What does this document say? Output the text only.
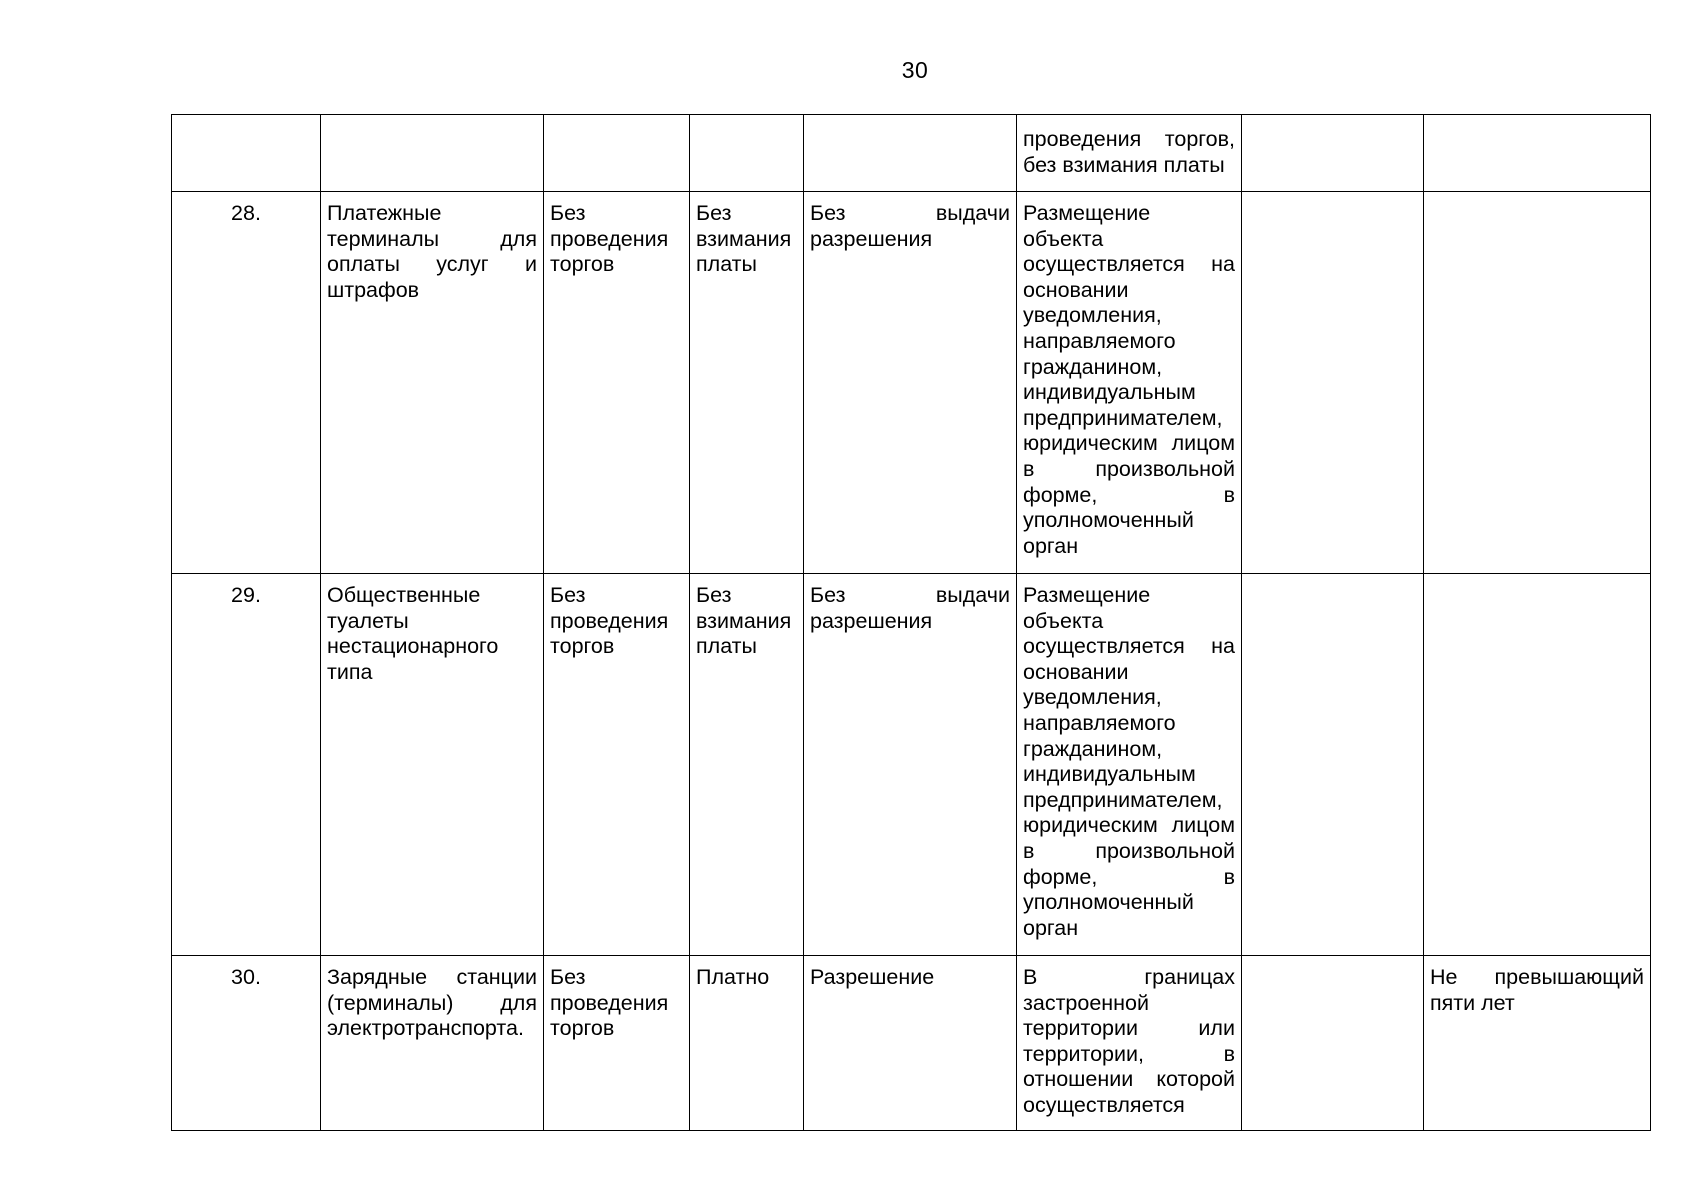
30
					проведения торгов, без взимания платы		
28.	Платежные терминалы для оплаты услуг и штрафов	Без проведения торгов	Без взимания платы	Без выдачи разрешения	Размещение объекта осуществляется на основании уведомления, направляемого гражданином, индивидуальным предпринимателем, юридическим лицом в произвольной форме, в уполномоченный орган		
29.	Общественные туалеты нестационарного типа	Без проведения торгов	Без взимания платы	Без выдачи разрешения	Размещение объекта осуществляется на основании уведомления, направляемого гражданином, индивидуальным предпринимателем, юридическим лицом в произвольной форме, в уполномоченный орган		
30.	Зарядные станции (терминалы) для электротранспорта.	Без проведения торгов	Платно	Разрешение	В границах застроенной территории или территории, в отношении которой осуществляется		Не превышающий пяти лет
